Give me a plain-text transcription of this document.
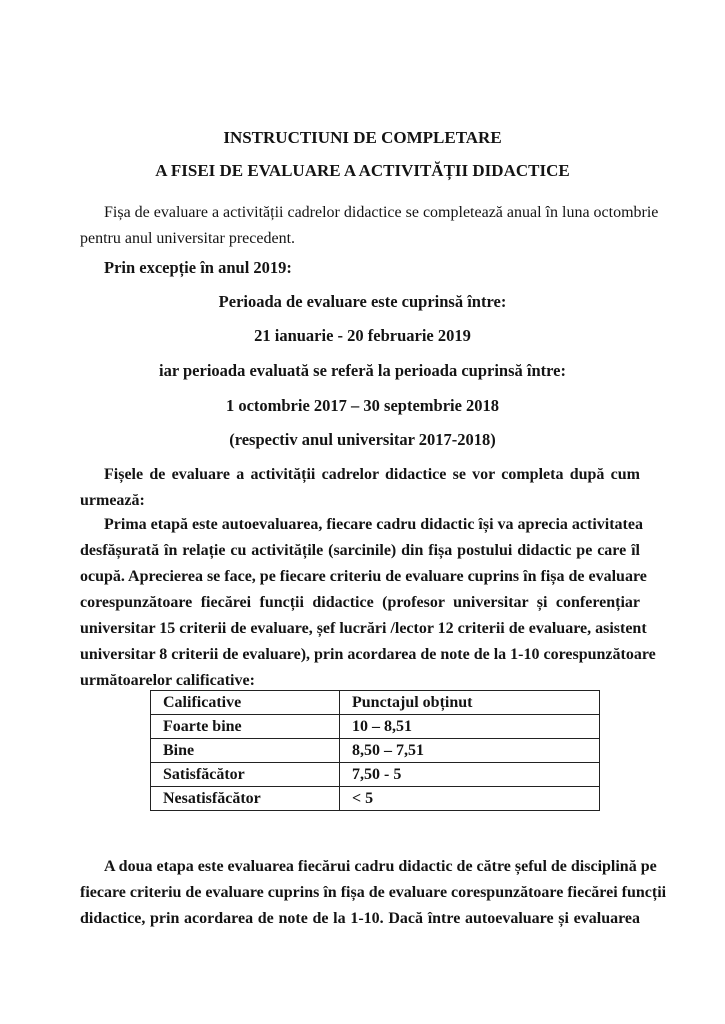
INSTRUCTIUNI DE COMPLETARE
A FISEI DE EVALUARE A ACTIVITĂȚII DIDACTICE
Fișa de evaluare a activității cadrelor didactice se completează anual în luna octombrie
pentru anul universitar precedent.
Prin excepție în anul 2019:
Perioada de evaluare este cuprinsă între:
21 ianuarie - 20 februarie 2019
iar perioada evaluată se referă la perioada cuprinsă între:
1 octombrie 2017 – 30 septembrie 2018
(respectiv anul universitar 2017-2018)
Fișele de evaluare a activității cadrelor didactice se vor completa după cum
urmează:
Prima etapă este autoevaluarea, fiecare cadru didactic își va aprecia activitatea
desfășurată în relație cu activitățile (sarcinile) din fișa postului didactic pe care îl
ocupă. Aprecierea se face, pe fiecare criteriu de evaluare cuprins în fișa de evaluare
corespunzătoare fiecărei funcții didactice (profesor universitar și conferențiar
universitar 15 criterii de evaluare, șef lucrări /lector 12 criterii de evaluare, asistent
universitar 8 criterii de evaluare), prin acordarea de note de la 1-10 corespunzătoare
următoarelor calificative:
Calificative	Punctajul obținut
Foarte bine	10 – 8,51
Bine	8,50 – 7,51
Satisfăcător	7,50 - 5
Nesatisfăcător	< 5
A doua etapa este evaluarea fiecărui cadru didactic de către șeful de disciplină pe
fiecare criteriu de evaluare cuprins în fișa de evaluare corespunzătoare fiecărei funcții
didactice, prin acordarea de note de la 1-10. Dacă între autoevaluare și evaluarea
